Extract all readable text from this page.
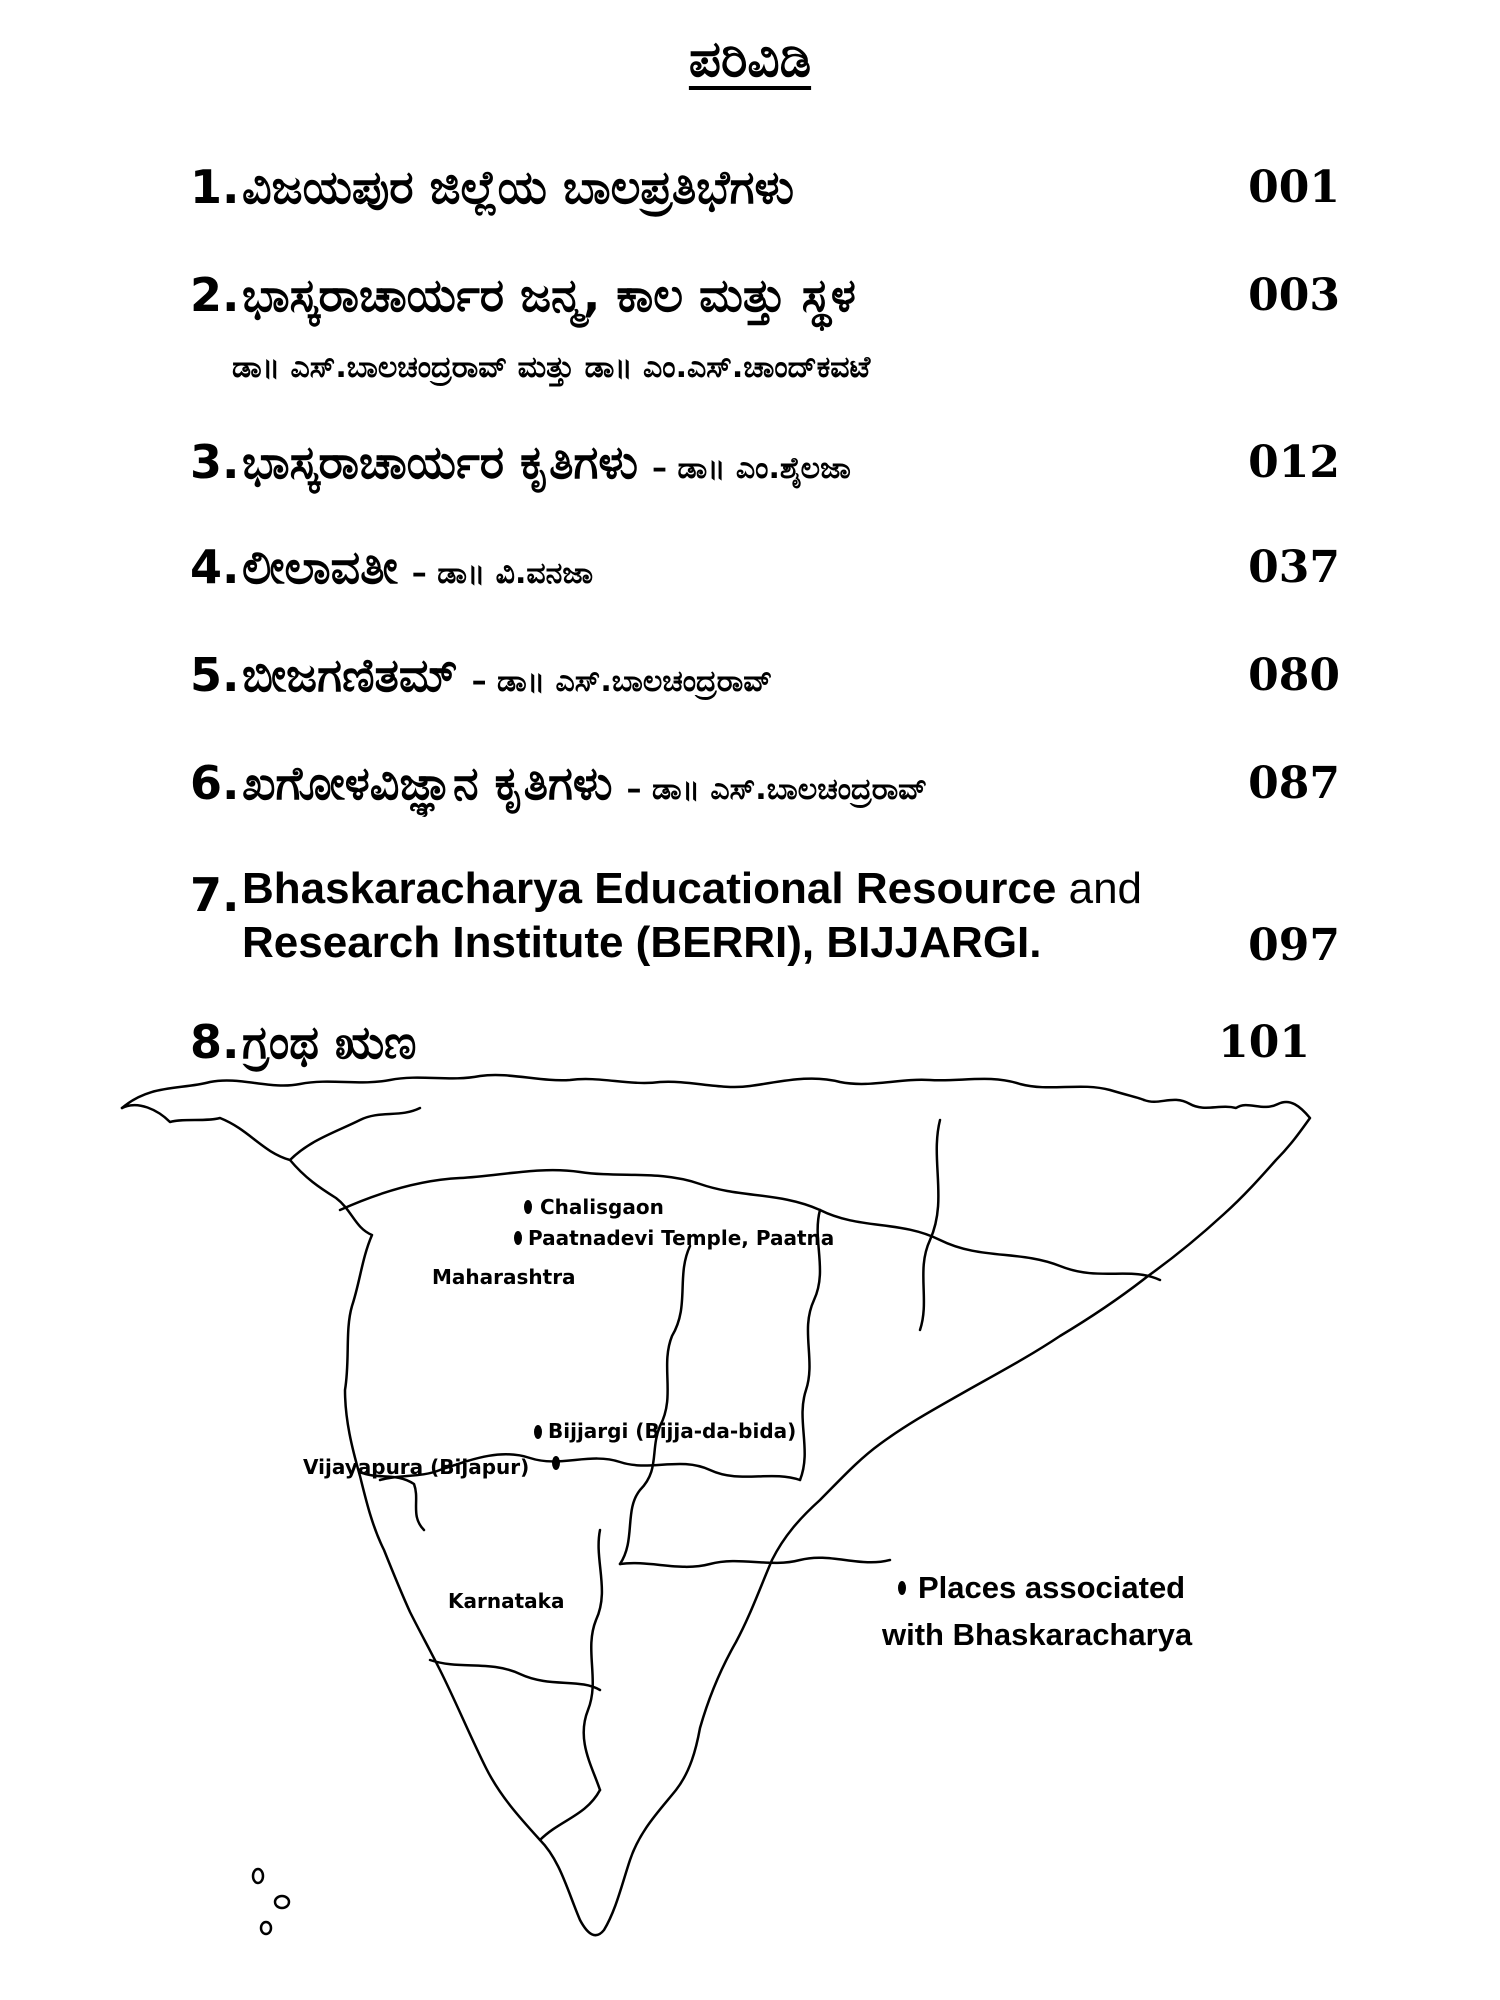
ಪರಿವಿಡಿ
1. ವಿಜಯಪುರ ಜಿಲ್ಲೆಯ ಬಾಲಪ್ರತಿಭೆಗಳು	001
2. ಭಾಸ್ಕರಾಚಾರ್ಯರ ಜನ್ಮ, ಕಾಲ ಮತ್ತು ಸ್ಥಳ	003
ಡಾ॥ ಎಸ್.ಬಾಲಚಂದ್ರರಾವ್ ಮತ್ತು ಡಾ॥ ಎಂ.ಎಸ್.ಚಾಂದ್‌ಕವಟೆ
3. ಭಾಸ್ಕರಾಚಾರ್ಯರ ಕೃತಿಗಳು – ಡಾ॥ ಎಂ.ಶೈಲಜಾ	012
4. ಲೀಲಾವತೀ – ಡಾ॥ ವಿ.ವನಜಾ	037
5. ಬೀಜಗಣಿತಮ್ – ಡಾ॥ ಎಸ್.ಬಾಲಚಂದ್ರರಾವ್	080
6. ಖಗೋಳವಿಜ್ಞಾನ ಕೃತಿಗಳು – ಡಾ॥ ಎಸ್.ಬಾಲಚಂದ್ರರಾವ್	087
7. Bhaskaracharya Educational Resource and
Research Institute (BERRI), BIJJARGI.	097
8. ಗ್ರಂಥ ಋಣ	101
Chalisgaon
Paatnadevi Temple, Paatna
Maharashtra
Bijjargi (Bijja-da-bida)
Vijayapura (Bijapur)
Karnataka	Places associated
with Bhaskaracharya
